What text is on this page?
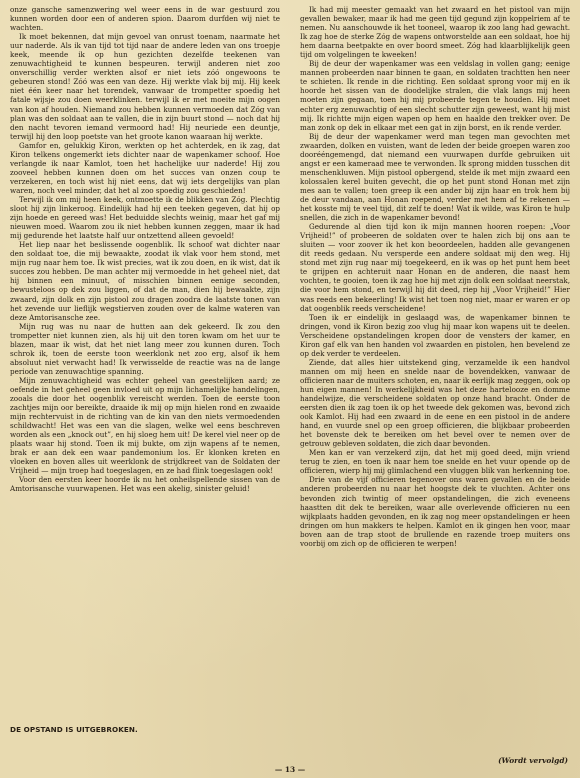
onze gansche samenzwering wel weer eens in de war gestuurd zou kunnen worden door een of anderen spion. Daarom durfden wij niet te wachten.

Ik moet bekennen, dat mijn gevoel van onrust toenam, naarmate het uur naderde. Als ik van tijd tot tijd naar de andere leden van ons troepje keek, meende ik op hun gezichten dezelfde teekenen van zenuwachtigheid te kunnen bespeuren. terwijl anderen niet zoo onverschillig verder werkten alsof er niet iets zóó ongewoons te gebeuren stond! Zóó was een van deze. Hij werkte vlak bij mij. Hij keek niet één keer naar het torendek, vanwaar de trompetter spoedig het fatale wijsje zou doen weerklinken. terwijl ik er met moeite mijn oogen van kon af houden. Niemand zou hebben kunnen vermoeden dat Zóg van plan was den soldaat aan te vallen, die in zijn buurt stond — noch dat hij den nacht tevoren iemand vermoord had! Hij neuriede een deuntje, terwijl hij den loop poetste van het groote kanon waaraan hij werkte.

Gamfor en, gelukkig Kiron, werkten op het achterdek, en ik zag, dat Kiron telkens ongemerkt iets dichter naar de wapenkamer schoof. Hoe verlangde ik naar Kamlot, toen het hachelijke uur naderde! Hij zou zooveel hebben kunnen doen om het succes van onzen coup te verzekeren, en toch wist hij niet eens, dat wij iets dergelijks van plan waren, noch veel minder, dat het al zoo spoedig zou geschieden!

Terwijl ik om mij heen keek, ontmoette ik de blikken van Zóg. Plechtig sloot hij zijn linkeroog. Eindelijk had hij een teeken gegeven, dat hij op zijn hoede en gereed was! Het beduidde slechts weinig, maar het gaf mij nieuwen moed. Waarom zou ik niet hebben kunnen zeggen, maar ik had mij gedurende het laatste half uur ontzettend alleen gevoeld!

Het liep naar het beslissende oogenblik. Ik schoof wat dichter naar den soldaat toe, die mij bewaakte, zoodat ik vlak voor hem stond, met mijn rug naar hem toe. Ik wist precies, wat ik zou doen, en ik wist, dat ik succes zou hebben. De man achter mij vermoedde in het geheel niet, dat hij binnen een minuut, of misschien binnen eenige seconden, bewusteloos op dek zou liggen, of dat de man, dien hij bewaakte, zijn zwaard, zijn dolk en zijn pistool zou dragen zoodra de laatste tonen van het zevende uur lieflijk wegstierven zouden over de kalme wateren van deze Amtorisansche zee.

Mijn rug was nu naar de hutten aan dek gekeerd. Ik zou den trompetter niet kunnen zien, als hij uit den toren kwam om het uur te blazen, maar ik wist, dat het niet lang meer zou kunnen duren. Toch schrok ik, toen de eerste toon weerklonk net zoo erg, alsof ik hem absoluut niet verwacht had! Ik verwisselde de reactie was na de lange periode van zenuwachtige spanning.

Mijn zenuwachtigheid was echter geheel van geestelijken aard; ze oefende in het geheel geen invloed uit op mijn lichamelijke handelingen, zooals die door het oogenblik vereischt werden. Toen de eerste toon zachtjes mijn oor bereikte, draaide ik mij op mijn hielen rond en zwaaide mijn rechtervuist in de richting van de kin van den niets vermoedenden schildwacht! Het was een van die slagen, welke wel eens beschreven worden als een „knock out”, en hij sloeg hem uit! De kerel viel neer op de plaats waar hij stond. Toen ik mij bukte, om zijn wapens af te nemen, brak er aan dek een waar pandemonium los. Er klonken kreten en vloeken en boven alles uit weerklonk de strijdkreet van de Soldaten der Vrijheid — mijn troep had toegeslagen, en ze had flink toegeslagen ook!

Voor den eersten keer hoorde ik nu het onheilspellende sissen van de Amtorisansche vuurwapenen. Het was een akelig, sinister geluid!

DE OPSTAND IS UITGEBROKEN.

Ik had mij meester gemaakt van het zwaard en het pistool van mijn gevallen bewaker, maar ik had me geen tijd gegund zijn koppelriem af te nemen. Nu aanschouwde ik het tooneel, waarop ik zoo lang had gewacht. Ik zag hoe de sterke Zóg de wapens ontworstelde aan een soldaat, hoe hij hem daarna beetpakte en over boord smeet. Zóg had klaarblijkelijk geen tijd om volgelingen te kweeken!

Bij de deur der wapenkamer was een veldslag in vollen gang; eenige mannen probeerden naar binnen te gaan, en soldaten trachtten hen neer te schieten. Ik rende in die richting. Een soldaat sprong voor mij en ik hoorde het sissen van de doodelijke stralen, die vlak langs mij heen moeten zijn gegaan, toen hij mij probeerde tegen te houden. Hij moet echter erg zenuwachtig of een slecht schutter zijn geweest, want hij mist mij. Ik richtte mijn eigen wapen op hem en haalde den trekker over. De man zonk op dek in elkaar met een gat in zijn borst, en ik rende verder.

Bij de deur der wapenkamer werd man tegen man gevochten met zwaarden, dolken en vuisten, want de leden der beide groepen waren zoo doorééngemengd, dat niemand een vuurwapen durfde gebruiken uit angst er een kameraad mee te verwonden. Ik sprong midden tusschen dit menschenkluwen. Mijn pistool opbergend, stelde ik met mijn zwaard een kolossalen kerel buiten gevecht, die op het punt stond Honan met zijn mes aan te vallen; toen greep ik een ander bij zijn haar en trok hem bij de deur vandaan, aan Honan roepend, verder met hem af te rekenen — het kosste mij te veel tijd, dit zelf te doen! Wat ik wilde, was Kiron te hulp snellen, die zich in de wapenkamer bevond!

Gedurende al dien tijd kon ik mijn mannen hooren roepen: „Voor Vrijheid!” of probeeren de soldaten over te halen zich bij ons aan te sluiten — voor zoover ik het kon beoordeelen, hadden alle gevangenen dit reeds gedaan. Nu versperde een andere soldaat mij den weg. Hij stond met zijn rug naar mij toegekeerd, en ik was op het punt hem beet te grijpen en achteruit naar Honan en de anderen, die naast hem vochten, te gooien, toen ik zag hoe hij met zijn dolk een soldaat neerstak, die voor hem stond, en terwijl hij dit deed, riep hij „Voor Vrijheid!” Hier was reeds een bekeerling! Ik wist het toen nog niet, maar er waren er op dat oogenblik reeds verscheidene!

Toen ik er eindelijk in geslaagd was, de wapenkamer binnen te dringen, vond ik Kiron bezig zoo vlug hij maar kon wapens uit te deelen. Verscheidene opstandelingen kropen door de vensters der kamer, en Kiron gaf elk van hen handen vol zwaarden en pistolen, hen bevelend ze op dek verder te verdeelen.

Ziende, dat alles hier uitstekend ging, verzamelde ik een handvol mannen om mij heen en snelde naar de bovendekken, vanwaar de officieren naar de muiters schoten, en, naar ik eerlijk mag zeggen, ook op hun eigen mannen! In werkelijkheid was het deze hartelooze en domme handelwijze, die verscheidene soldaten op onze hand bracht. Onder de eersten dien ik zag toen ik op het tweede dek gekomen was, bevond zich ook Kamlot. Hij had een zwaard in de eene en een pistool in de andere hand, en vuurde snel op een groep officieren, die blijkbaar probeerden het bovenste dek te bereiken om het bevel over te nemen over de getrouw gebleven soldaten, die zich daar bevonden.

Men kan er van verzekerd zijn, dat het mij goed deed, mijn vriend terug te zien, en toen ik naar hem toe snelde en het vuur opende op de officieren, wierp hij mij glimlachend een vluggen blik van herkenning toe.

Drie van de vijf officieren tegenover ons waren gevallen en de beide anderen probeerden nu naar het hoogste dek te vluchten. Achter ons bevonden zich twintig of meer opstandelingen, die zich eveneens haastten dit dek te bereiken, waar alle overlevende officieren nu een wijkplaats hadden gevonden, en ik zag nog meer opstandelingen er heen dringen om hun makkers te helpen. Kamlot en ik gingen hen voor, maar boven aan de trap stoot de brullende en razende troep muiters ons voorbij om zich op de officieren te werpen!

(Wordt vervolgd)
— 13 —
